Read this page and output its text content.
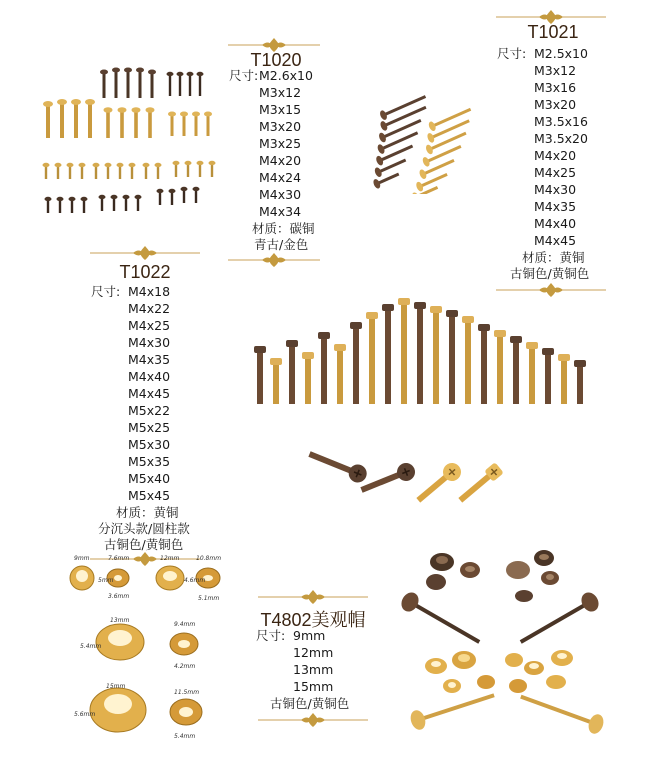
T1020
尺寸:M2.6x10
M3x12
M3x15
M3x20
M3x25
M4x20
M4x24
M4x30
M4x34
材质：碳铜
青古/金色
T1021
尺寸: M2.5x10
M3x12
M3x16
M3x20
M3.5x16
M3.5x20
M4x20
M4x25
M4x30
M4x35
M4x40
M4x45
材质：黄铜
古铜色/黄铜色
T1022
尺寸: M4x18
M4x22
M4x25
M4x30
M4x35
M4x40
M4x45
M5x22
M5x25
M5x30
M5x35
M5x40
M5x45
材质：黄铜
分沉头款/圆柱款
古铜色/黄铜色
9mm	7.6mm
5mm
3.6mm
12mm	10.8mm
4.6mm
5.1mm
13mm
9.4mm
5.4mm
4.2mm
15mm
11.5mm
5.6mm
5.4mm
T4802美观帽
尺寸: 9mm
12mm
13mm
15mm
古铜色/黄铜色
